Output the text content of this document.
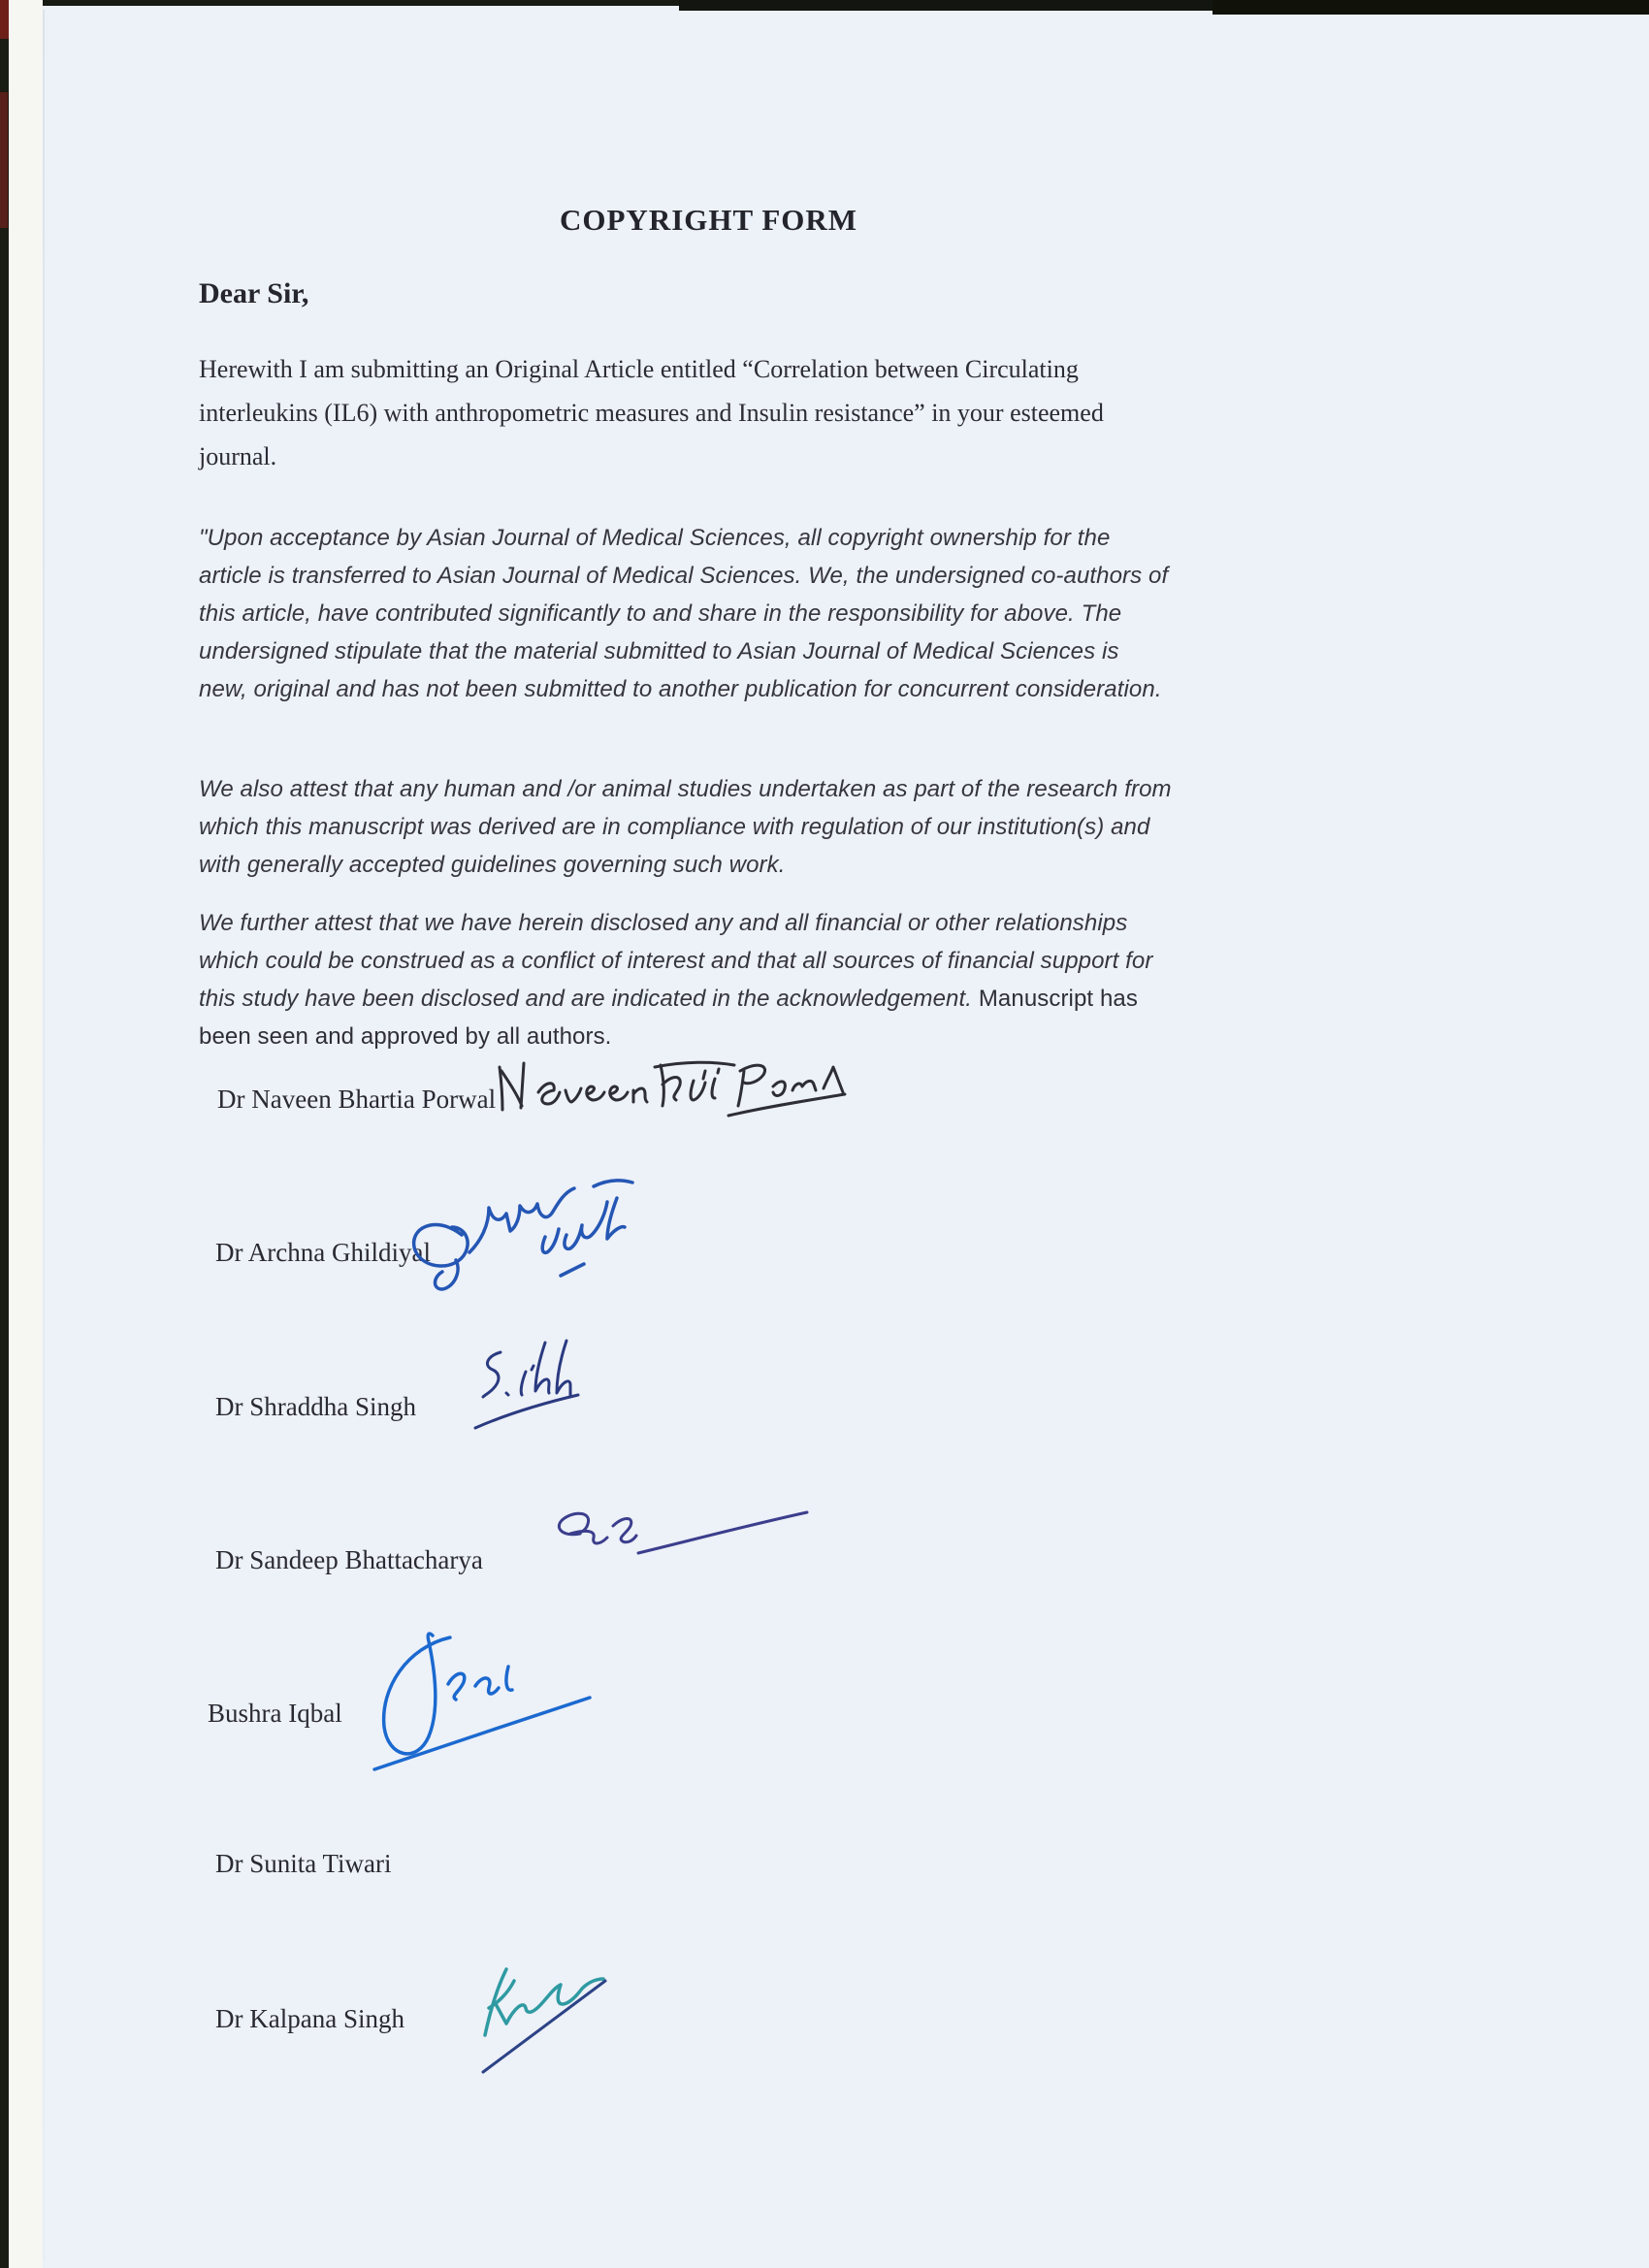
COPYRIGHT FORM

Dear Sir,

Herewith I am submitting an Original Article entitled “Correlation between Circulating interleukins (IL6) with anthropometric measures and Insulin resistance” in your esteemed journal.

"Upon acceptance by Asian Journal of Medical Sciences, all copyright ownership for the article is transferred to Asian Journal of Medical Sciences. We, the undersigned co-authors of this article, have contributed significantly to and share in the responsibility for above. The undersigned stipulate that the material submitted to Asian Journal of Medical Sciences is new, original and has not been submitted to another publication for concurrent consideration.

We also attest that any human and /or animal studies undertaken as part of the research from which this manuscript was derived are in compliance with regulation of our institution(s) and with generally accepted guidelines governing such work.

We further attest that we have herein disclosed any and all financial or other relationships which could be construed as a conflict of interest and that all sources of financial support for this study have been disclosed and are indicated in the acknowledgement. Manuscript has been seen and approved by all authors.

Dr Naveen Bhartia Porwal
Dr Archna Ghildiyal
Dr Shraddha Singh
Dr Sandeep Bhattacharya
Bushra Iqbal
Dr Sunita Tiwari
Dr Kalpana Singh
